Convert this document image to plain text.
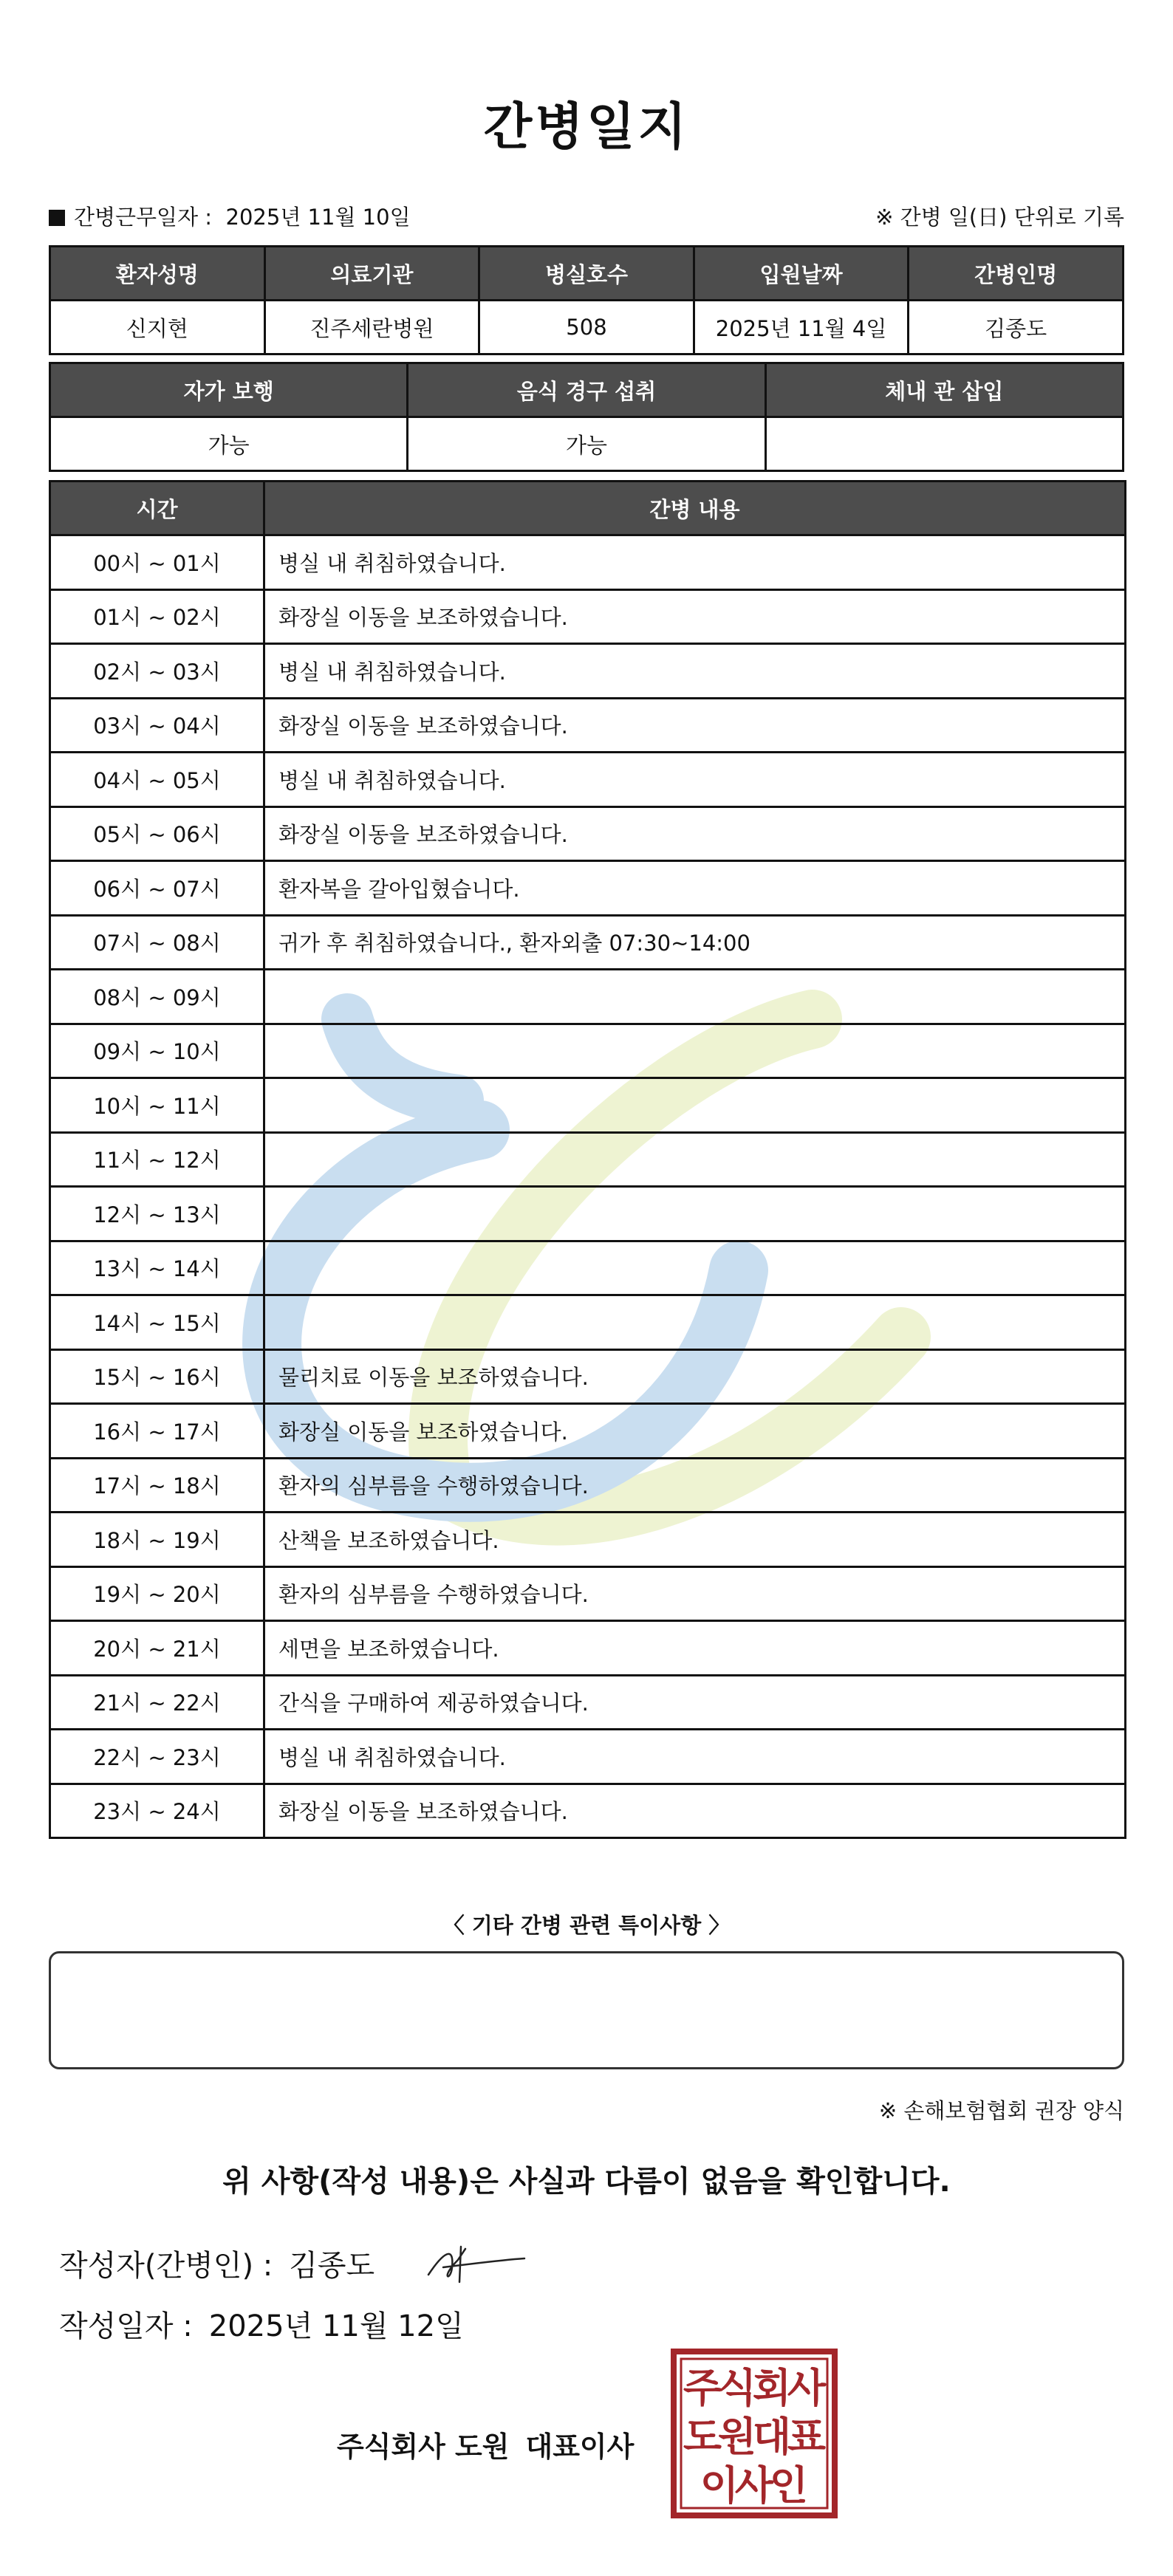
간병일지
간병근무일자 : 2025년 11월 10일	※ 간병 일(日) 단위로 기록
환자성명	의료기관	병실호수	입원날짜	간병인명
신지현	진주세란병원	508	2025년 11월 4일	김종도
자가 보행	음식 경구 섭취	체내 관 삽입
가능	가능	
시간	간병 내용
00시 ~ 01시	병실 내 취침하였습니다.
01시 ~ 02시	화장실 이동을 보조하였습니다.
02시 ~ 03시	병실 내 취침하였습니다.
03시 ~ 04시	화장실 이동을 보조하였습니다.
04시 ~ 05시	병실 내 취침하였습니다.
05시 ~ 06시	화장실 이동을 보조하였습니다.
06시 ~ 07시	환자복을 갈아입혔습니다.
07시 ~ 08시	귀가 후 취침하였습니다., 환자외출 07:30~14:00
08시 ~ 09시	
09시 ~ 10시	
10시 ~ 11시	
11시 ~ 12시	
12시 ~ 13시	
13시 ~ 14시	
14시 ~ 15시	
15시 ~ 16시	물리치료 이동을 보조하였습니다.
16시 ~ 17시	화장실 이동을 보조하였습니다.
17시 ~ 18시	환자의 심부름을 수행하였습니다.
18시 ~ 19시	산책을 보조하였습니다.
19시 ~ 20시	환자의 심부름을 수행하였습니다.
20시 ~ 21시	세면을 보조하였습니다.
21시 ~ 22시	간식을 구매하여 제공하였습니다.
22시 ~ 23시	병실 내 취침하였습니다.
23시 ~ 24시	화장실 이동을 보조하였습니다.
〈 기타 간병 관련 특이사항 〉
※ 손해보험협회 권장 양식
위 사항(작성 내용)은 사실과 다름이 없음을 확인합니다.
작성자(간병인) : 김종도
작성일자 : 2025년 11월 12일
주식회사 도원 대표이사
주
식
회
사
도
원
대
표
이
사
인
